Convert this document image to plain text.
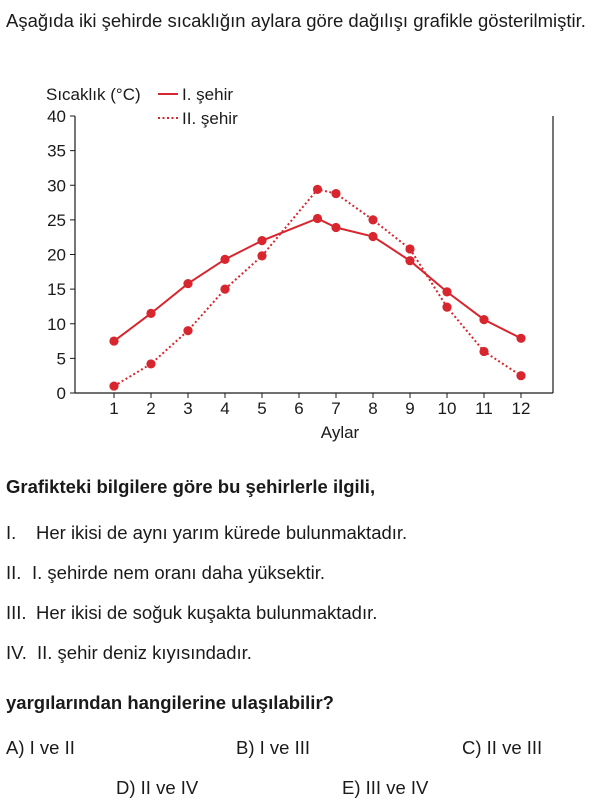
Aşağıda iki şehirde sıcaklığın aylara göre dağılışı grafikle gösterilmiştir.

0
5
10
15
20
25
30
35
40
1 2 3 4 5 6 7 8 9 10 11 12
Sıcaklık (°C)
Aylar
I. şehir
II. şehir

Grafikteki bilgilere göre bu şehirlerle ilgili,

I. Her ikisi de aynı yarım kürede bulunmaktadır.
II. I. şehirde nem oranı daha yüksektir.
III. Her ikisi de soğuk kuşakta bulunmaktadır.
IV. II. şehir deniz kıyısındadır.

yargılarından hangilerine ulaşılabilir?

A) I ve II	B) I ve III	C) II ve III
D) II ve IV	E) III ve IV
